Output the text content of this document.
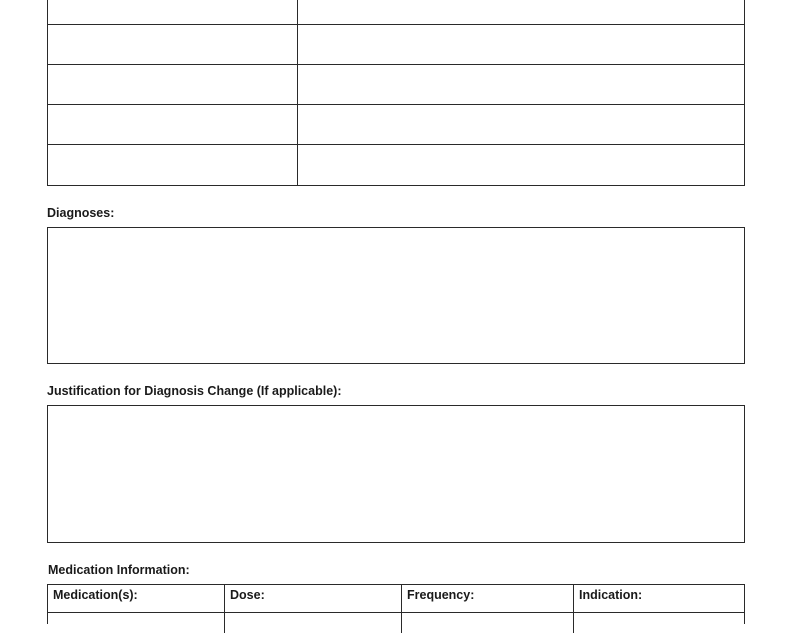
Diagnoses:
Justification for Diagnosis Change (If applicable):
Medication Information:
Medication(s):	Dose:	Frequency:	Indication:
